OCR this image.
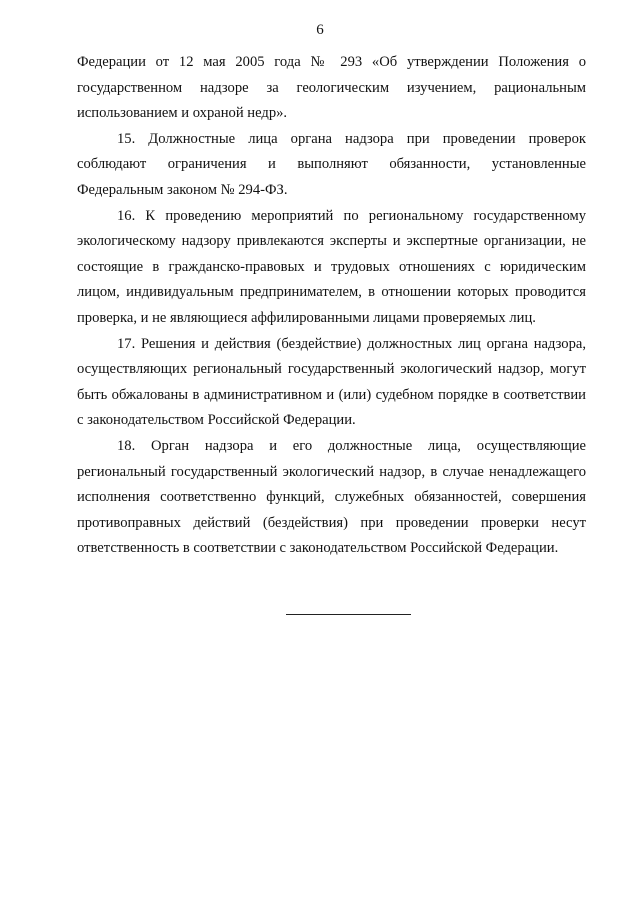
6

Федерации от 12 мая 2005 года № 293 «Об утверждении Положения о государственном надзоре за геологическим изучением, рациональным использованием и охраной недр».

15. Должностные лица органа надзора при проведении проверок соблюдают ограничения и выполняют обязанности, установленные Федеральным законом № 294-ФЗ.

16. К проведению мероприятий по региональному государственному экологическому надзору привлекаются эксперты и экспертные организации, не состоящие в гражданско-правовых и трудовых отношениях с юридическим лицом, индивидуальным предпринимателем, в отношении которых проводится проверка, и не являющиеся аффилированными лицами проверяемых лиц.

17. Решения и действия (бездействие) должностных лиц органа надзора, осуществляющих региональный государственный экологический надзор, могут быть обжалованы в административном и (или) судебном порядке в соответствии с законодательством Российской Федерации.

18. Орган надзора и его должностные лица, осуществляющие региональный государственный экологический надзор, в случае ненадлежащего исполнения соответственно функций, служебных обязанностей, совершения противоправных действий (бездействия) при проведении проверки несут ответственность в соответствии с законодательством Российской Федерации.
